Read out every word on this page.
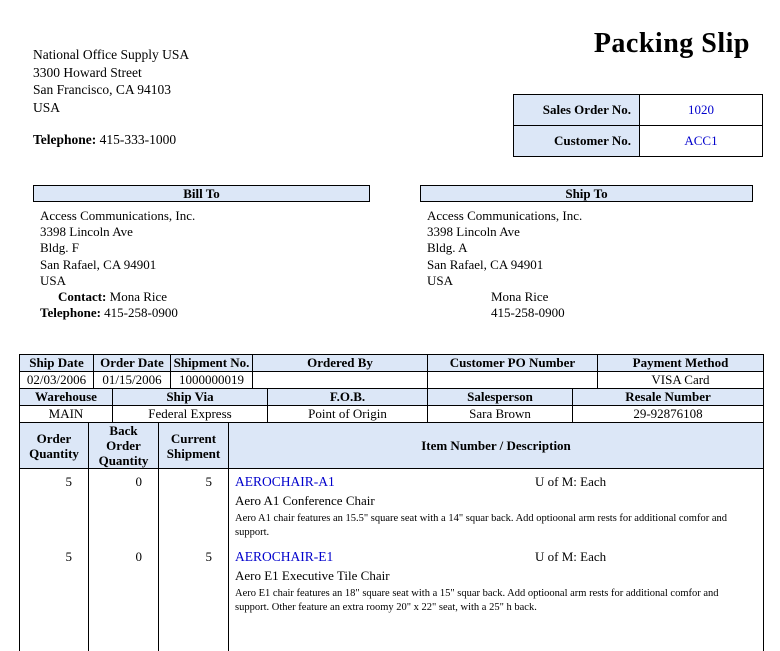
National Office Supply USA
3300 Howard Street
San Francisco, CA 94103
USA
Telephone: 415-333-1000
Packing Slip
Sales Order No.	1020
Customer No.	ACC1
Bill To
Access Communications, Inc.
3398 Lincoln Ave
Bldg. F
San Rafael, CA 94901
USA
Contact: Mona Rice
Telephone: 415-258-0900
Ship To
Access Communications, Inc.
3398 Lincoln Ave
Bldg. A
San Rafael, CA 94901
USA
Mona Rice
415-258-0900
Ship Date	Order Date	Shipment No.	Ordered By	Customer PO Number	Payment Method
02/03/2006	01/15/2006	1000000019			VISA Card
Warehouse	Ship Via	F.O.B.	Salesperson	Resale Number
MAIN	Federal Express	Point of Origin	Sara Brown	29-92876108
Order Quantity	Back Order Quantity	Current Shipment	Item Number / Description
5	0	5	AEROCHAIR-A1 U of M: Each
Aero A1 Conference Chair
Aero A1 chair features an 15.5" square seat with a 14" squar back. Add optioonal arm rests for additional comfor and support.

5	0	5	AEROCHAIR-E1 U of M: Each
Aero E1 Executive Tile Chair
Aero E1 chair features an 18" square seat with a 15" squar back. Add optioonal arm rests for additional comfor and support. Other feature an extra roomy 20" x 22" seat, with a 25" h back.
